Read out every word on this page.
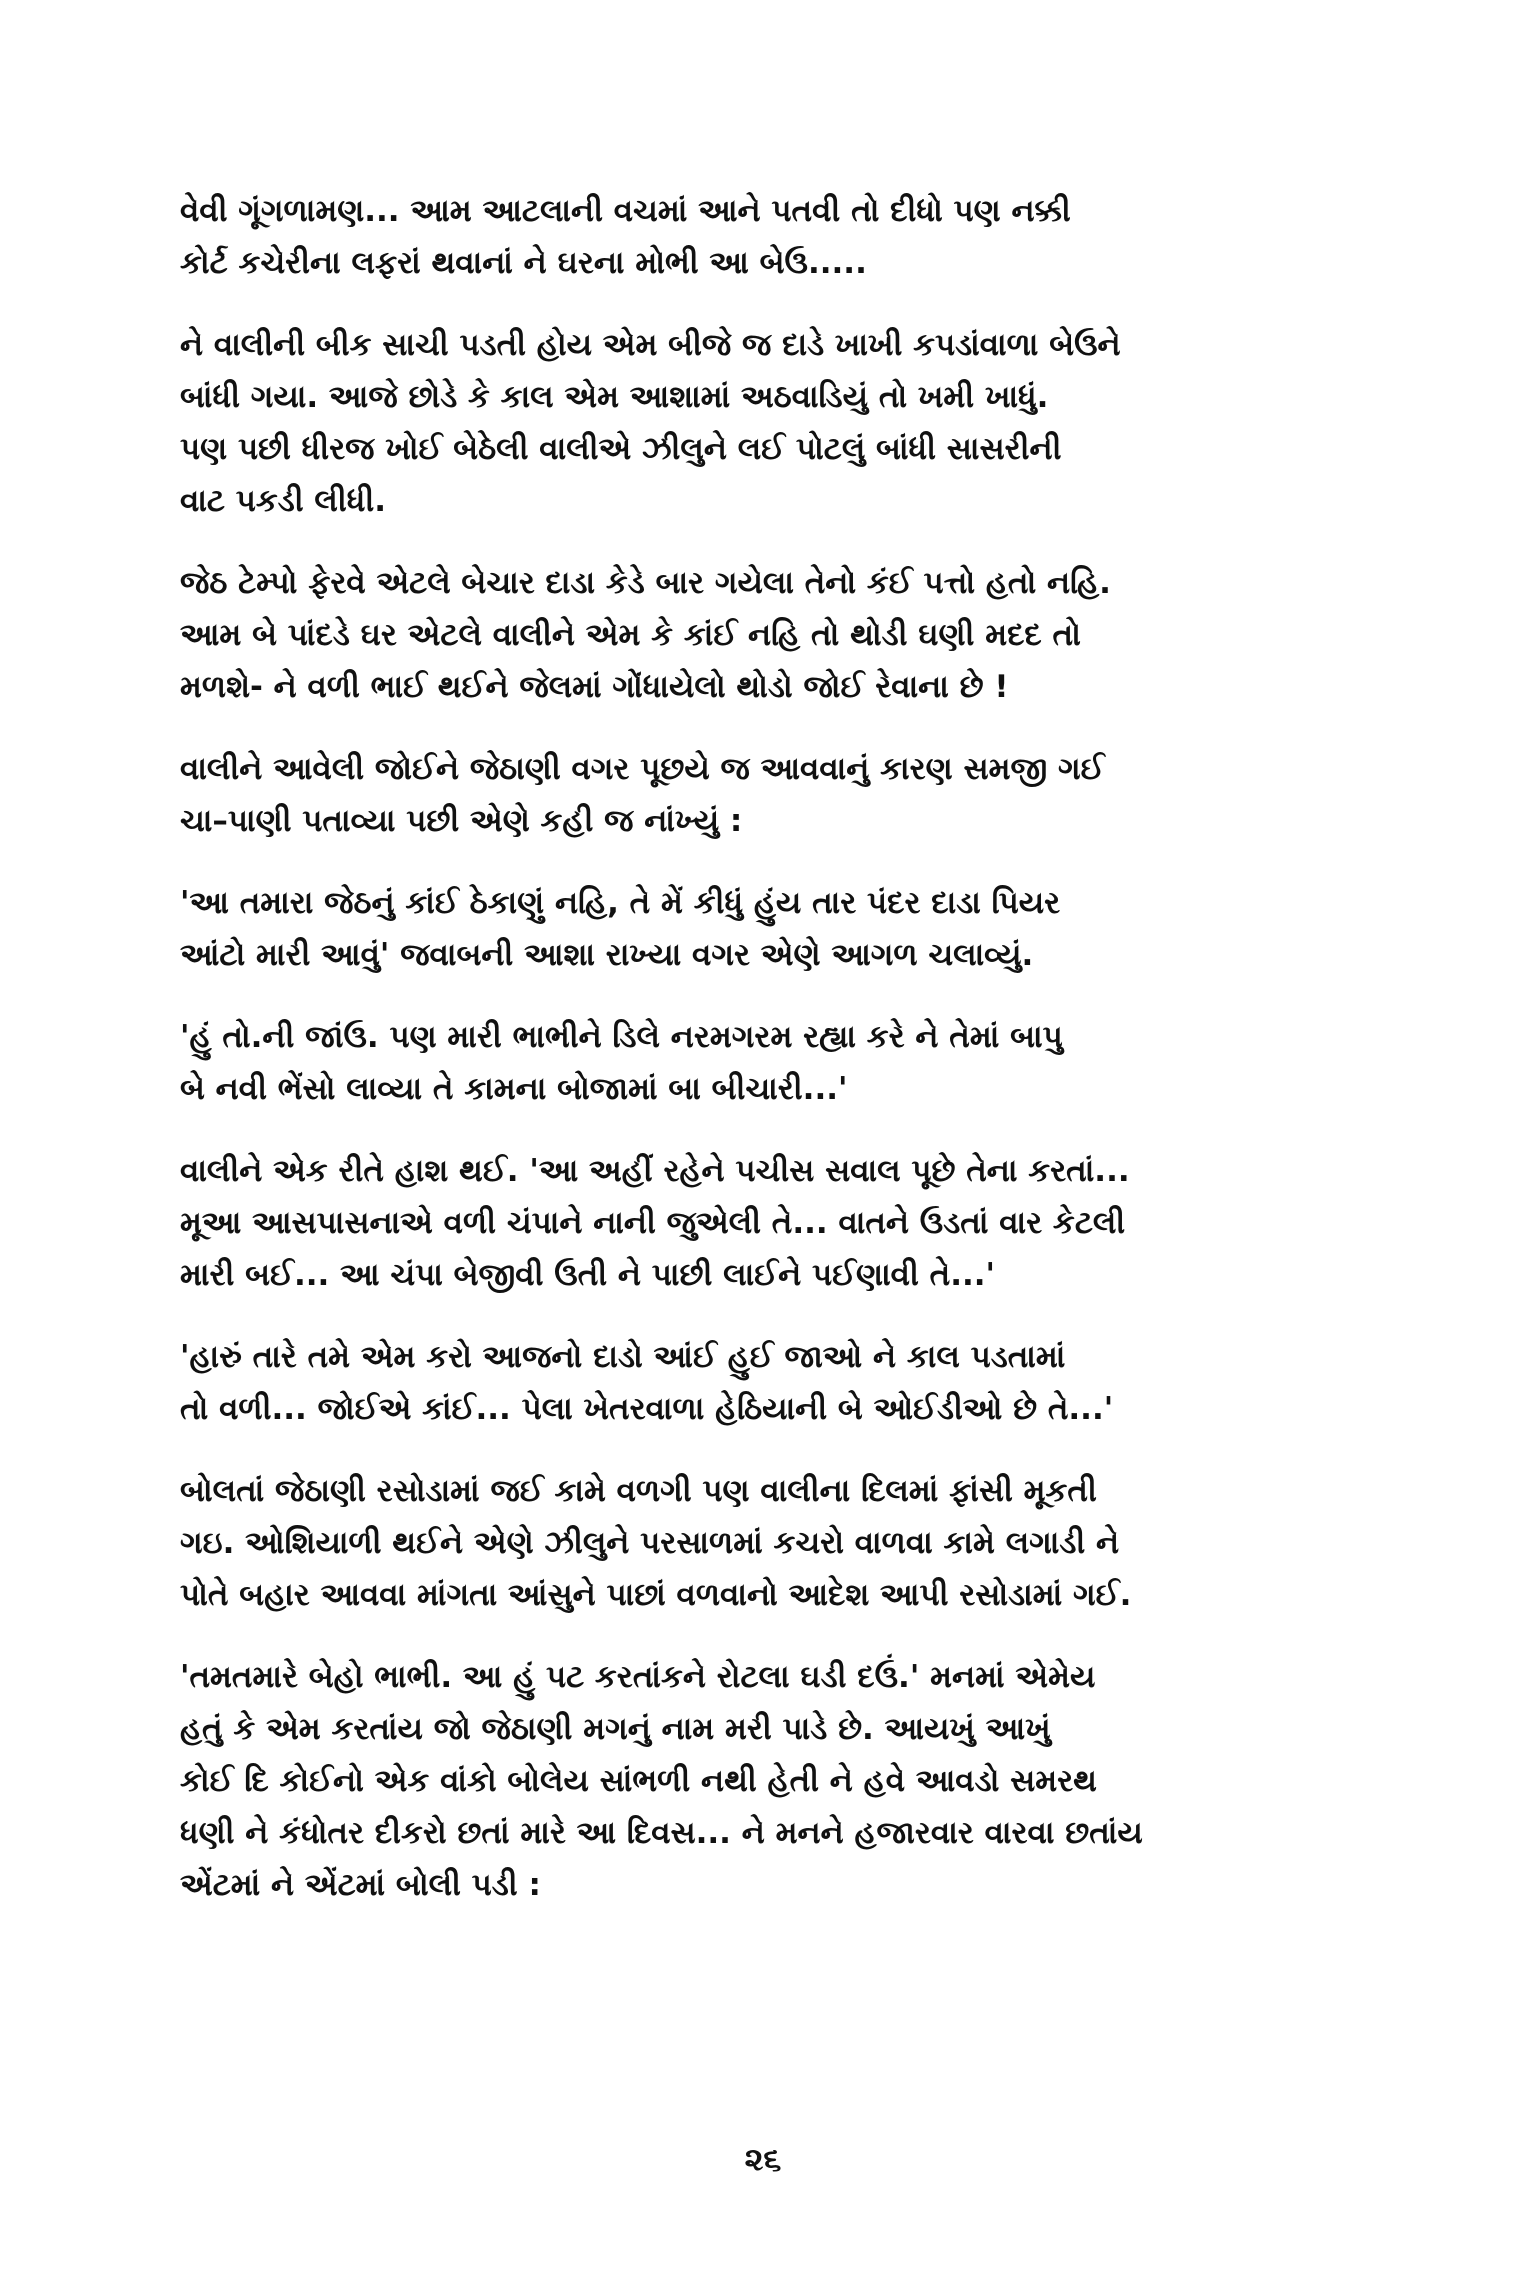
વેવી ગૂંગળામણ... આમ આટલાની વચમાં આને પતવી તો દીધો પણ નક્કી
કોર્ટ કચેરીના લફરાં થવાનાં ને ઘરના મોભી આ બેઉ.....
ને વાલીની બીક સાચી પડતી હોય એમ બીજે જ દાડે ખાખી કપડાંવાળા બેઉને
બાંધી ગયા. આજે છોડે કે કાલ એમ આશામાં અઠવાડિયું તો ખમી ખાધું.
પણ પછી ધીરજ ખોઈ બેઠેલી વાલીએ ઝીલુને લઈ પોટલું બાંધી સાસરીની
વાટ પકડી લીધી.
જેઠ ટેમ્પો ફેરવે એટલે બેચાર દાડા કેડે બાર ગયેલા તેનો કંઈ પત્તો હતો નહિ.
આમ બે પાંદડે ઘર એટલે વાલીને એમ કે કાંઈ નહિ તો થોડી ઘણી મદદ તો
મળશે- ને વળી ભાઈ થઈને જેલમાં ગોંધાયેલો થોડો જોઈ રેવાના છે !
વાલીને આવેલી જોઈને જેઠાણી વગર પૂછયે જ આવવાનું કારણ સમજી ગઈ
ચા–પાણી પતાવ્યા પછી એણે કહી જ નાંખ્યું :
'આ તમારા જેઠનું કાંઈ ઠેકાણું નહિ, તે મેં કીધું હુંય તાર પંદર દાડા પિયર
આંટો મારી આવું' જવાબની આશા રાખ્યા વગર એણે આગળ ચલાવ્યું.
'હું તો.ની જાંઉ. પણ મારી ભાભીને ડિલે નરમગરમ રહ્યા કરે ને તેમાં બાપુ
બે નવી ભેંસો લાવ્યા તે કામના બોજામાં બા બીચારી...'
વાલીને એક રીતે હાશ થઈ. 'આ અહીં રહેને પચીસ સવાલ પૂછે તેના કરતાં...
મૂઆ આસપાસનાએ વળી ચંપાને નાની જુએલી તે... વાતને ઉડતાં વાર કેટલી
મારી બઈ... આ ચંપા બેજીવી ઉતી ને પાછી લાઈને પઈણાવી તે...'
'હારું તારે તમે એમ કરો આજનો દાડો આંઈ હુઈ જાઓ ને કાલ પડતામાં
તો વળી... જોઈએ કાંઈ... પેલા ખેતરવાળા હેઠિયાની બે ઓઈડીઓ છે તે...'
બોલતાં જેઠાણી રસોડામાં જઈ કામે વળગી પણ વાલીના દિલમાં ફાંસી મૂકતી
ગઇ. ઓશિયાળી થઈને એણે ઝીલુને પરસાળમાં કચરો વાળવા કામે લગાડી ને
પોતે બહાર આવવા માંગતા આંસુને પાછાં વળવાનો આદેશ આપી રસોડામાં ગઈ.
'તમતમારે બેહો ભાભી. આ હું પટ કરતાંકને રોટલા ઘડી દઉં.' મનમાં એમેય
હતું કે એમ કરતાંય જો જેઠાણી મગનું નામ મરી પાડે છે. આયખું આખું
કોઈ દિ કોઈનો એક વાંકો બોલેય સાંભળી નથી હેતી ને હવે આવડો સમરથ
ધણી ને કંધોતર દીકરો છતાં મારે આ દિવસ... ને મનને હજારવાર વારવા છતાંય
એંટમાં ને એંટમાં બોલી પડી :
૨૬
